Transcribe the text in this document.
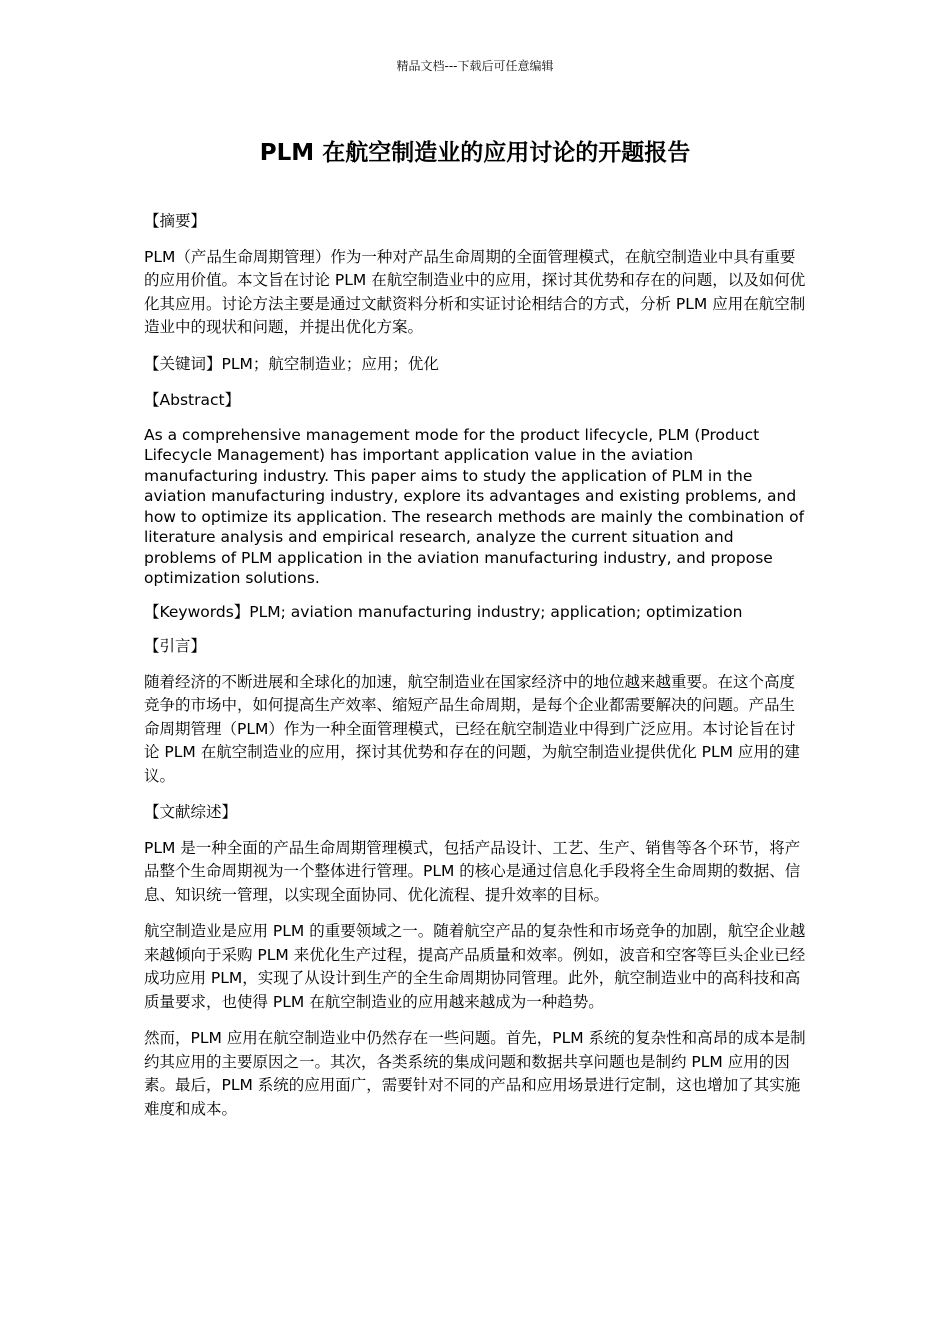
精品文档---下载后可任意编辑
PLM 在航空制造业的应用讨论的开题报告

【摘要】

PLM（产品生命周期管理）作为一种对产品生命周期的全面管理模式，在航空制造业中具有重要的应用价值。本文旨在讨论 PLM 在航空制造业中的应用，探讨其优势和存在的问题，以及如何优化其应用。讨论方法主要是通过文献资料分析和实证讨论相结合的方式，分析 PLM 应用在航空制造业中的现状和问题，并提出优化方案。

【关键词】PLM；航空制造业；应用；优化

【Abstract】

As a comprehensive management mode for the product lifecycle, PLM (Product Lifecycle Management) has important application value in the aviation manufacturing industry. This paper aims to study the application of PLM in the aviation manufacturing industry, explore its advantages and existing problems, and how to optimize its application. The research methods are mainly the combination of literature analysis and empirical research, analyze the current situation and problems of PLM application in the aviation manufacturing industry, and propose optimization solutions.

【Keywords】PLM; aviation manufacturing industry; application; optimization

【引言】

随着经济的不断进展和全球化的加速，航空制造业在国家经济中的地位越来越重要。在这个高度竞争的市场中，如何提高生产效率、缩短产品生命周期，是每个企业都需要解决的问题。产品生命周期管理（PLM）作为一种全面管理模式，已经在航空制造业中得到广泛应用。本讨论旨在讨论 PLM 在航空制造业的应用，探讨其优势和存在的问题，为航空制造业提供优化 PLM 应用的建议。

【文献综述】

PLM 是一种全面的产品生命周期管理模式，包括产品设计、工艺、生产、销售等各个环节，将产品整个生命周期视为一个整体进行管理。PLM 的核心是通过信息化手段将全生命周期的数据、信息、知识统一管理，以实现全面协同、优化流程、提升效率的目标。

航空制造业是应用 PLM 的重要领域之一。随着航空产品的复杂性和市场竞争的加剧，航空企业越来越倾向于采购 PLM 来优化生产过程，提高产品质量和效率。例如，波音和空客等巨头企业已经成功应用 PLM，实现了从设计到生产的全生命周期协同管理。此外，航空制造业中的高科技和高质量要求，也使得 PLM 在航空制造业的应用越来越成为一种趋势。

然而，PLM 应用在航空制造业中仍然存在一些问题。首先，PLM 系统的复杂性和高昂的成本是制约其应用的主要原因之一。其次，各类系统的集成问题和数据共享问题也是制约 PLM 应用的因素。最后，PLM 系统的应用面广，需要针对不同的产品和应用场景进行定制，这也增加了其实施难度和成本。
